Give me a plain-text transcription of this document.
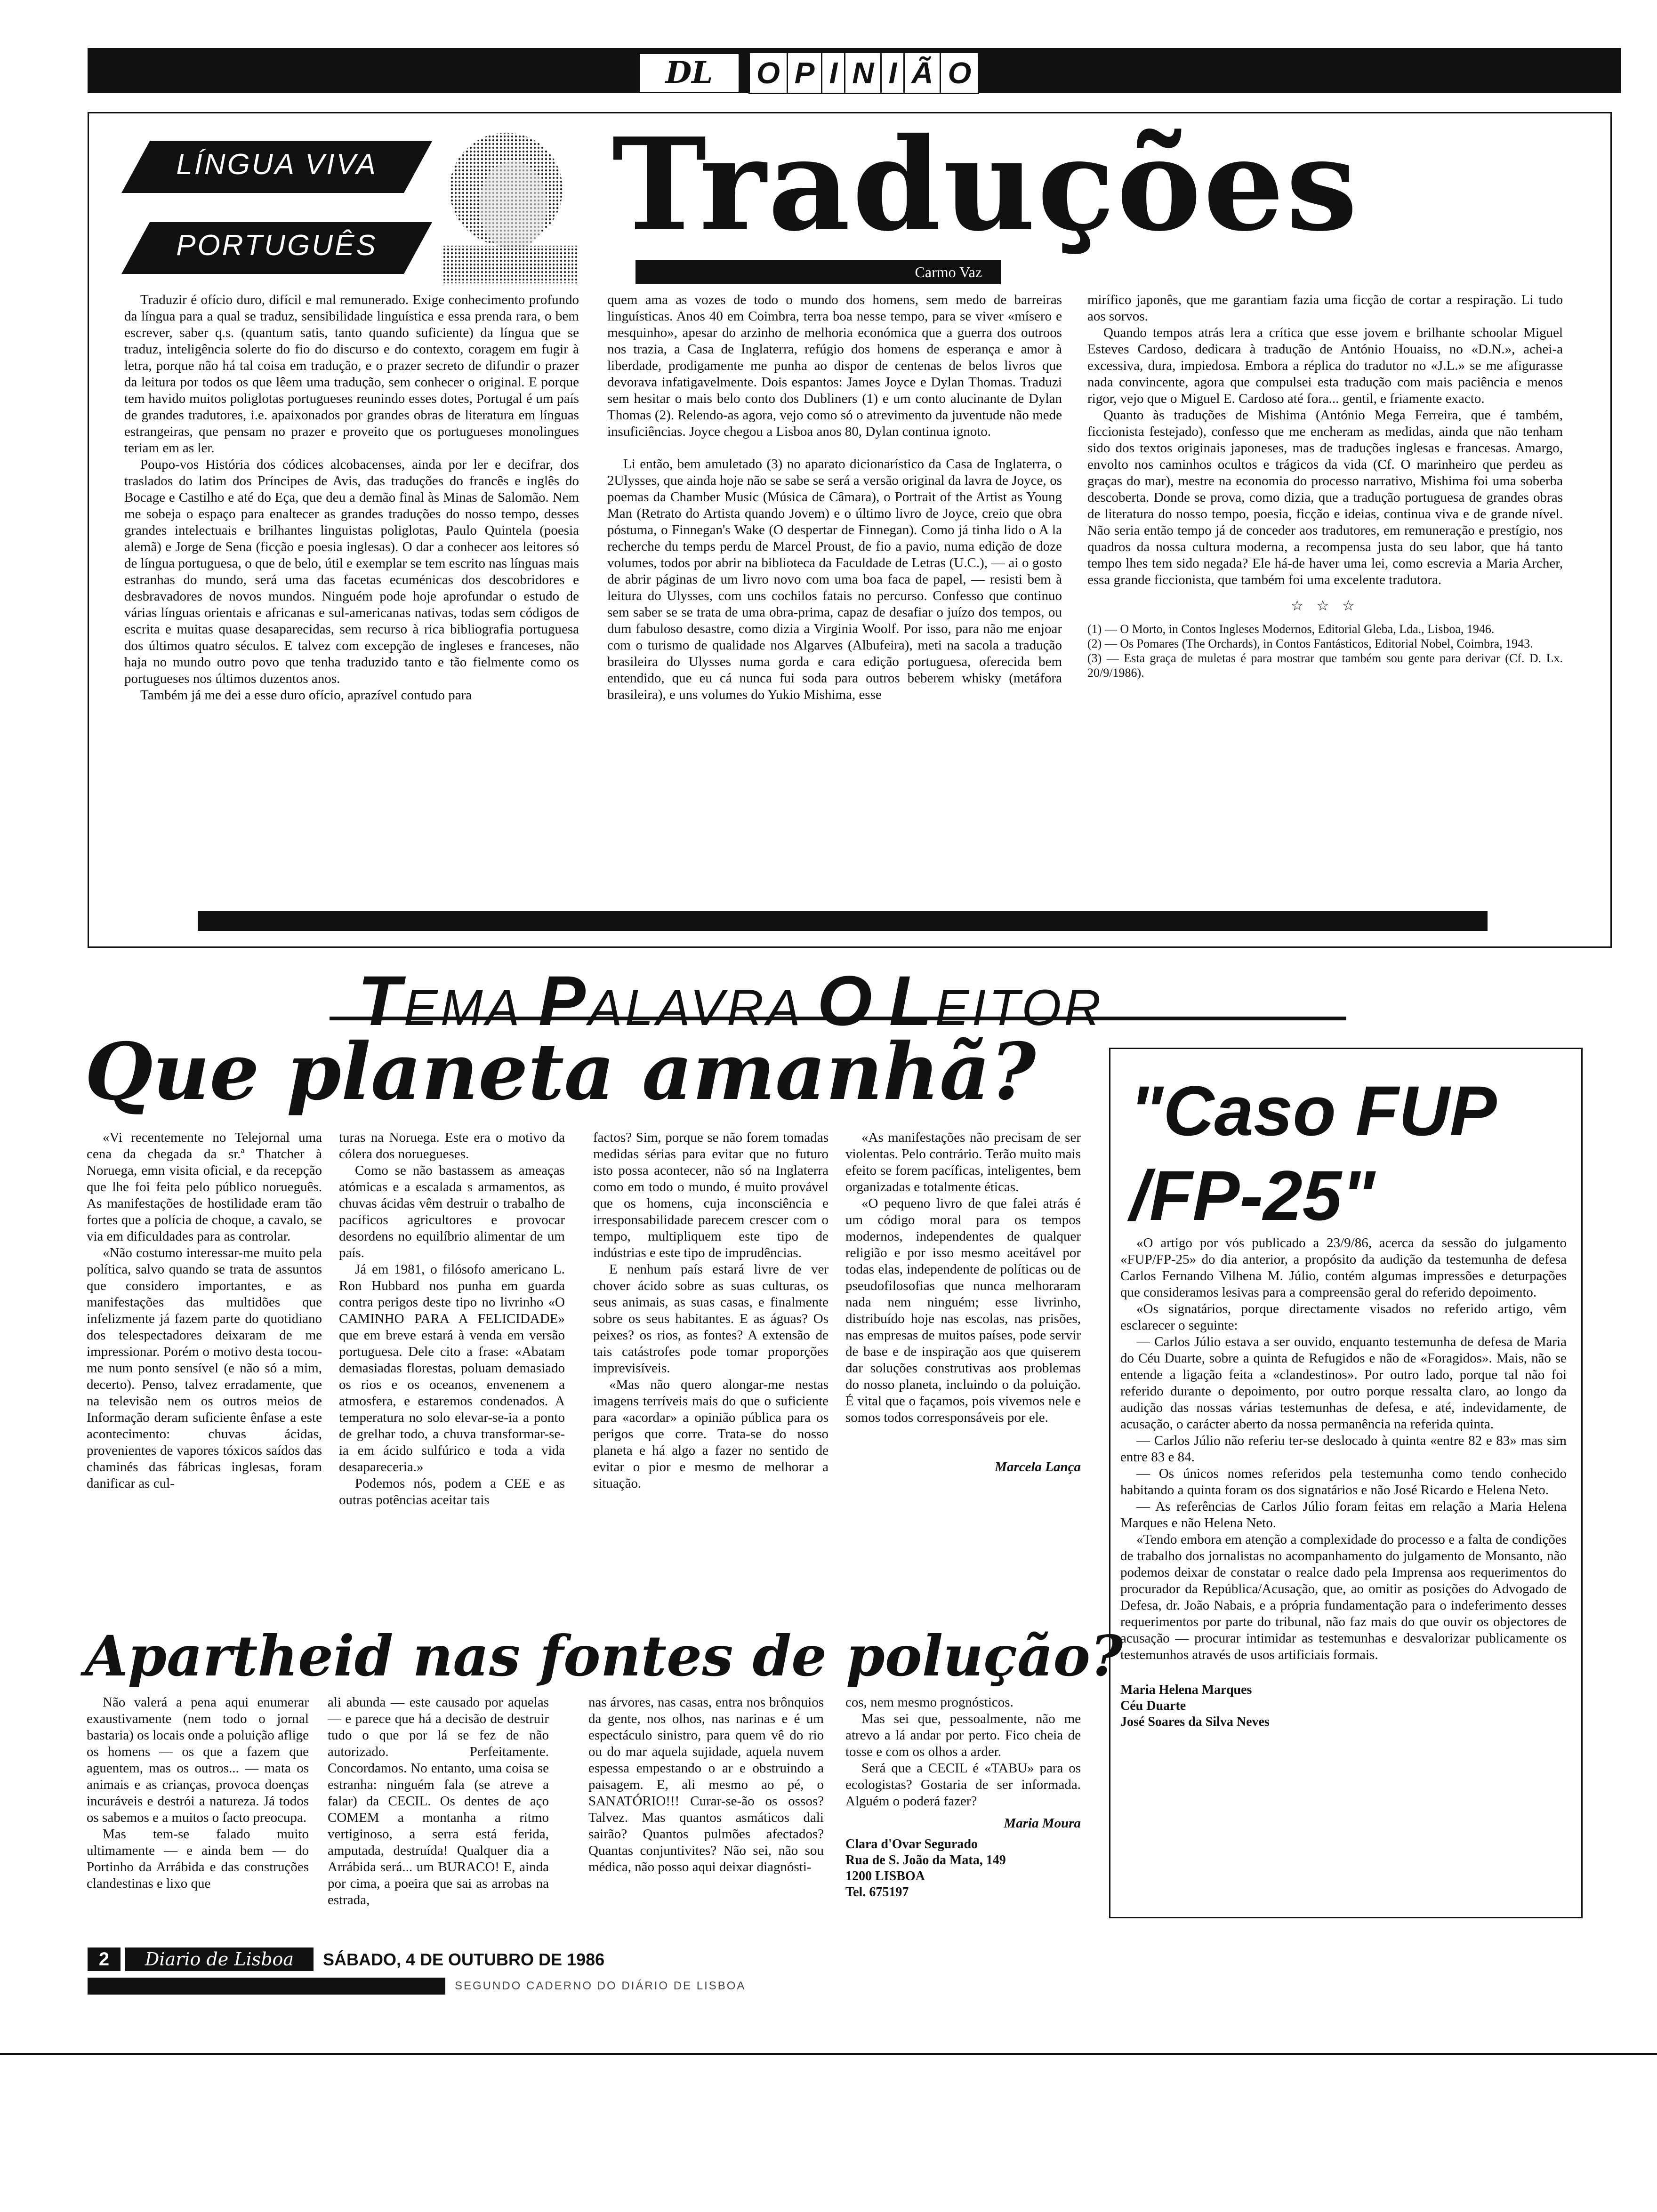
DL	O P I N I Ã O
LÍNGUA VIVA
PORTUGUÊS	Traduções
Carmo Vaz

Traduzir é ofício duro, difícil e mal remunerado. Exige conhecimento profundo da língua para a qual se traduz, sensibilidade linguística e essa prenda rara, o bem escrever, saber q.s. (quantum satis, tanto quando suficiente) da língua que se traduz, inteligência solerte do fio do discurso e do contexto, coragem em fugir à letra, porque não há tal coisa em tradução, e o prazer secreto de difundir o prazer da leitura por todos os que lêem uma tradução, sem conhecer o original. E porque tem havido muitos poliglotas portugueses reunindo esses dotes, Portugal é um país de grandes tradutores, i.e. apaixonados por grandes obras de literatura em línguas estrangeiras, que pensam no prazer e proveito que os portugueses monolingues teriam em as ler.

Poupo-vos História dos códices alcobacenses, ainda por ler e decifrar, dos traslados do latim dos Príncipes de Avis, das traduções do francês e inglês do Bocage e Castilho e até do Eça, que deu a demão final às Minas de Salomão. Nem me sobeja o espaço para enaltecer as grandes traduções do nosso tempo, desses grandes intelectuais e brilhantes linguistas poliglotas, Paulo Quintela (poesia alemã) e Jorge de Sena (ficção e poesia inglesas). O dar a conhecer aos leitores só de língua portuguesa, o que de belo, útil e exemplar se tem escrito nas línguas mais estranhas do mundo, será uma das facetas ecuménicas dos descobridores e desbravadores de novos mundos. Ninguém pode hoje aprofundar o estudo de várias línguas orientais e africanas e sul-americanas nativas, todas sem códigos de escrita e muitas quase desaparecidas, sem recurso à rica bibliografia portuguesa dos últimos quatro séculos. E talvez com excepção de ingleses e franceses, não haja no mundo outro povo que tenha traduzido tanto e tão fielmente como os portugueses nos últimos duzentos anos.

Também já me dei a esse duro ofício, aprazível contudo para

quem ama as vozes de todo o mundo dos homens, sem medo de barreiras linguísticas. Anos 40 em Coimbra, terra boa nesse tempo, para se viver «mísero e mesquinho», apesar do arzinho de melhoria económica que a guerra dos outroos nos trazia, a Casa de Inglaterra, refúgio dos homens de esperança e amor à liberdade, prodigamente me punha ao dispor de centenas de belos livros que devorava infatigavelmente. Dois espantos: James Joyce e Dylan Thomas. Traduzi sem hesitar o mais belo conto dos Dubliners (1) e um conto alucinante de Dylan Thomas (2). Relendo-as agora, vejo como só o atrevimento da juventude não mede insuficiências. Joyce chegou a Lisboa anos 80, Dylan continua ignoto.

Li então, bem amuletado (3) no aparato dicionarístico da Casa de Inglaterra, o 2Ulysses, que ainda hoje não se sabe se será a versão original da lavra de Joyce, os poemas da Chamber Music (Música de Câmara), o Portrait of the Artist as Young Man (Retrato do Artista quando Jovem) e o último livro de Joyce, creio que obra póstuma, o Finnegan's Wake (O despertar de Finnegan). Como já tinha lido o A la recherche du temps perdu de Marcel Proust, de fio a pavio, numa edição de doze volumes, todos por abrir na biblioteca da Faculdade de Letras (U.C.), — ai o gosto de abrir páginas de um livro novo com uma boa faca de papel, — resisti bem à leitura do Ulysses, com uns cochilos fatais no percurso. Confesso que continuo sem saber se se trata de uma obra-prima, capaz de desafiar o juízo dos tempos, ou dum fabuloso desastre, como dizia a Virginia Woolf. Por isso, para não me enjoar com o turismo de qualidade nos Algarves (Albufeira), meti na sacola a tradução brasileira do Ulysses numa gorda e cara edição portuguesa, oferecida bem entendido, que eu cá nunca fui soda para outros beberem whisky (metáfora brasileira), e uns volumes do Yukio Mishima, esse

mirífico japonês, que me garantiam fazia uma ficção de cortar a respiração. Li tudo aos sorvos.

Quando tempos atrás lera a crítica que esse jovem e brilhante schoolar Miguel Esteves Cardoso, dedicara à tradução de António Houaiss, no «D.N.», achei-a excessiva, dura, impiedosa. Embora a réplica do tradutor no «J.L.» se me afigurasse nada convincente, agora que compulsei esta tradução com mais paciência e menos rigor, vejo que o Miguel E. Cardoso até fora... gentil, e friamente exacto.

Quanto às traduções de Mishima (António Mega Ferreira, que é também, ficcionista festejado), confesso que me encheram as medidas, ainda que não tenham sido dos textos originais japoneses, mas de traduções inglesas e francesas. Amargo, envolto nos caminhos ocultos e trágicos da vida (Cf. O marinheiro que perdeu as graças do mar), mestre na economia do processo narrativo, Mishima foi uma soberba descoberta. Donde se prova, como dizia, que a tradução portuguesa de grandes obras de literatura do nosso tempo, poesia, ficção e ideias, continua viva e de grande nível. Não seria então tempo já de conceder aos tradutores, em remuneração e prestígio, nos quadros da nossa cultura moderna, a recompensa justa do seu labor, que há tanto tempo lhes tem sido negada? Ele há-de haver uma lei, como escrevia a Maria Archer, essa grande ficcionista, que também foi uma excelente tradutora.

☆ ☆ ☆
(1) — O Morto, in Contos Ingleses Modernos, Editorial Gleba, Lda., Lisboa, 1946.
(2) — Os Pomares (The Orchards), in Contos Fantásticos, Editorial Nobel, Coimbra, 1943.
(3) — Esta graça de muletas é para mostrar que também sou gente para derivar (Cf. D. Lx. 20/9/1986).
TEMA PALAVRA O LEITOR
Que planeta amanhã?

«Vi recentemente no Telejornal uma cena da chegada da sr.ª Thatcher à Noruega, emn visita oficial, e da recepção que lhe foi feita pelo público norueguês. As manifestações de hostilidade eram tão fortes que a polícia de choque, a cavalo, se via em dificuldades para as controlar.

«Não costumo interessar-me muito pela política, salvo quando se trata de assuntos que considero importantes, e as manifestações das multidões que infelizmente já fazem parte do quotidiano dos telespectadores deixaram de me impressionar. Porém o motivo desta tocou-me num ponto sensível (e não só a mim, decerto). Penso, talvez erradamente, que na televisão nem os outros meios de Informação deram suficiente ênfase a este acontecimento: chuvas ácidas, provenientes de vapores tóxicos saídos das chaminés das fábricas inglesas, foram danificar as cul-

turas na Noruega. Este era o motivo da cólera dos noruegueses.

Como se não bastassem as ameaças atómicas e a escalada s armamentos, as chuvas ácidas vêm destruir o trabalho de pacíficos agricultores e provocar desordens no equilíbrio alimentar de um país.

Já em 1981, o filósofo americano L. Ron Hubbard nos punha em guarda contra perigos deste tipo no livrinho «O CAMINHO PARA A FELICIDADE» que em breve estará à venda em versão portuguesa. Dele cito a frase: «Abatam demasiadas florestas, poluam demasiado os rios e os oceanos, envenenem a atmosfera, e estaremos condenados. A temperatura no solo elevar-se-ia a ponto de grelhar todo, a chuva transformar-se-ia em ácido sulfúrico e toda a vida desapareceria.»

Podemos nós, podem a CEE e as outras potências aceitar tais

factos? Sim, porque se não forem tomadas medidas sérias para evitar que no futuro isto possa acontecer, não só na Inglaterra como em todo o mundo, é muito provável que os homens, cuja inconsciência e irresponsabilidade parecem crescer com o tempo, multipliquem este tipo de indústrias e este tipo de imprudências.

E nenhum país estará livre de ver chover ácido sobre as suas culturas, os seus animais, as suas casas, e finalmente sobre os seus habitantes. E as águas? Os peixes? os rios, as fontes? A extensão de tais catástrofes pode tomar proporções imprevisíveis.

«Mas não quero alongar-me nestas imagens terríveis mais do que o suficiente para «acordar» a opinião pública para os perigos que corre. Trata-se do nosso planeta e há algo a fazer no sentido de evitar o pior e mesmo de melhorar a situação.

«As manifestações não precisam de ser violentas. Pelo contrário. Terão muito mais efeito se forem pacíficas, inteligentes, bem organizadas e totalmente éticas.

«O pequeno livro de que falei atrás é um código moral para os tempos modernos, independentes de qualquer religião e por isso mesmo aceitável por todas elas, independente de políticas ou de pseudofilosofias que nunca melhoraram nada nem ninguém; esse livrinho, distribuído hoje nas escolas, nas prisões, nas empresas de muitos países, pode servir de base e de inspiração aos que quiserem dar soluções construtivas aos problemas do nosso planeta, incluindo o da poluição. É vital que o façamos, pois vivemos nele e somos todos corresponsáveis por ele.

Marcela Lança
"Caso FUP
/FP-25"

«O artigo por vós publicado a 23/9/86, acerca da sessão do julgamento «FUP/FP-25» do dia anterior, a propósito da audição da testemunha de defesa Carlos Fernando Vilhena M. Júlio, contém algumas impressões e deturpações que consideramos lesivas para a compreensão geral do referido depoimento.

«Os signatários, porque directamente visados no referido artigo, vêm esclarecer o seguinte:

— Carlos Júlio estava a ser ouvido, enquanto testemunha de defesa de Maria do Céu Duarte, sobre a quinta de Refugidos e não de «Foragidos». Mais, não se entende a ligação feita a «clandestinos». Por outro lado, porque tal não foi referido durante o depoimento, por outro porque ressalta claro, ao longo da audição das nossas várias testemunhas de defesa, e até, indevidamente, de acusação, o carácter aberto da nossa permanência na referida quinta.

— Carlos Júlio não referiu ter-se deslocado à quinta «entre 82 e 83» mas sim entre 83 e 84.

— Os únicos nomes referidos pela testemunha como tendo conhecido habitando a quinta foram os dos signatários e não José Ricardo e Helena Neto.

— As referências de Carlos Júlio foram feitas em relação a Maria Helena Marques e não Helena Neto.

«Tendo embora em atenção a complexidade do processo e a falta de condições de trabalho dos jornalistas no acompanhamento do julgamento de Monsanto, não podemos deixar de constatar o realce dado pela Imprensa aos requerimentos do procurador da República/Acusação, que, ao omitir as posições do Advogado de Defesa, dr. João Nabais, e a própria fundamentação para o indeferimento desses requerimentos por parte do tribunal, não faz mais do que ouvir os objectores de acusação — procurar intimidar as testemunhas e desvalorizar publicamente os testemunhos através de usos artificiais formais.

Maria Helena Marques
Céu Duarte
José Soares da Silva Neves
Apartheid nas fontes de polução?

Não valerá a pena aqui enumerar exaustivamente (nem todo o jornal bastaria) os locais onde a poluição aflige os homens — os que a fazem que aguentem, mas os outros... — mata os animais e as crianças, provoca doenças incuráveis e destrói a natureza. Já todos os sabemos e a muitos o facto preocupa.

Mas tem-se falado muito ultimamente — e ainda bem — do Portinho da Arrábida e das construções clandestinas e lixo que

ali abunda — este causado por aquelas — e parece que há a decisão de destruir tudo o que por lá se fez de não autorizado. Perfeitamente. Concordamos. No entanto, uma coisa se estranha: ninguém fala (se atreve a falar) da CECIL. Os dentes de aço COMEM a montanha a ritmo vertiginoso, a serra está ferida, amputada, destruída! Qualquer dia a Arrábida será... um BURACO! E, ainda por cima, a poeira que sai as arrobas na estrada,

nas árvores, nas casas, entra nos brônquios da gente, nos olhos, nas narinas e é um espectáculo sinistro, para quem vê do rio ou do mar aquela sujidade, aquela nuvem espessa empestando o ar e obstruindo a paisagem. E, ali mesmo ao pé, o SANATÓRIO!!! Curar-se-ão os ossos? Talvez. Mas quantos asmáticos dali sairão? Quantos pulmões afectados? Quantas conjuntivites? Não sei, não sou médica, não posso aqui deixar diagnósti-

cos, nem mesmo prognósticos.

Mas sei que, pessoalmente, não me atrevo a lá andar por perto. Fico cheia de tosse e com os olhos a arder.

Será que a CECIL é «TABU» para os ecologistas? Gostaria de ser informada. Alguém o poderá fazer?

Maria Moura
Clara d'Ovar Segurado
Rua de S. João da Mata, 149
1200 LISBOA
Tel. 675197
2	Diario de Lisboa	SÁBADO, 4 DE OUTUBRO DE 1986
SEGUNDO CADERNO DO DIÁRIO DE LISBOA
